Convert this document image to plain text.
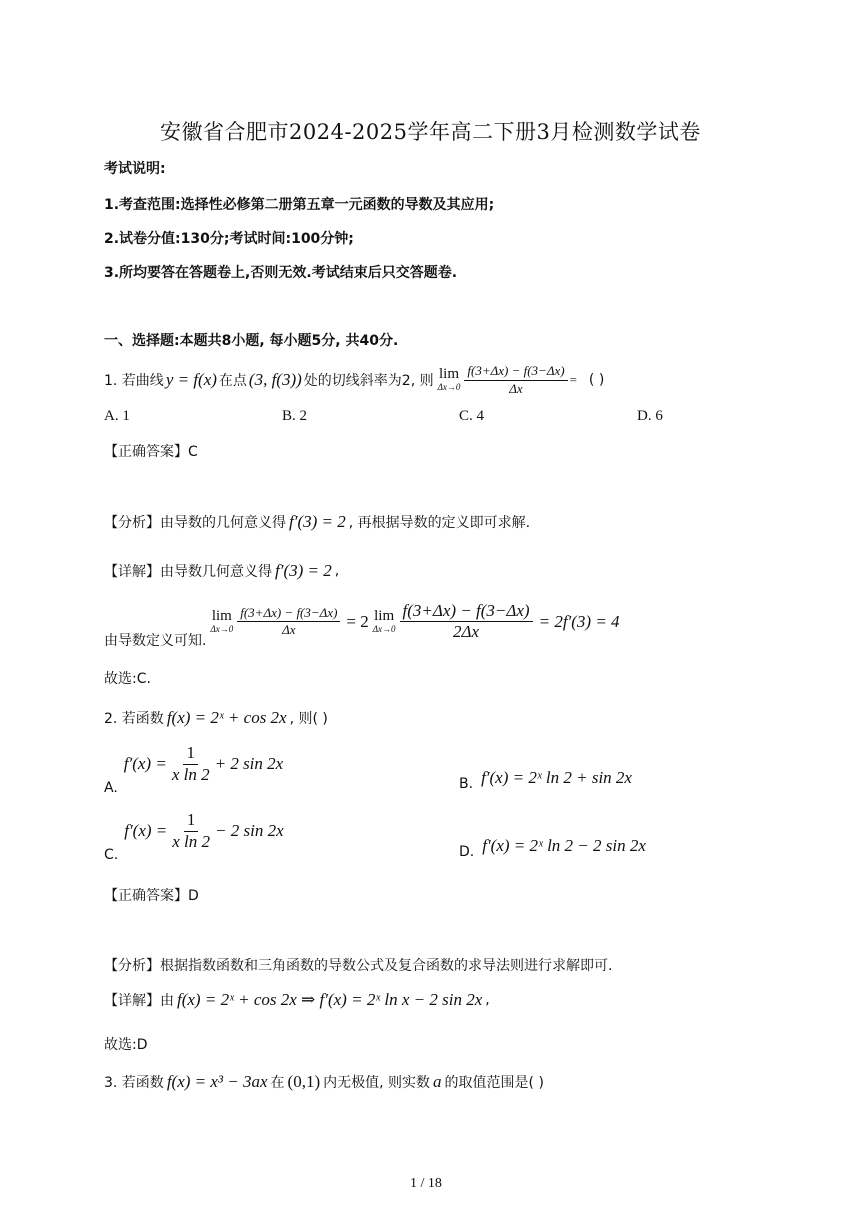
安徽省合肥市2024-2025学年高二下册3月检测数学试卷
考试说明:
1.考查范围:选择性必修第二册第五章一元函数的导数及其应用;
2.试卷分值:130分;考试时间:100分钟;
3.所均要答在答题卷上,否则无效.考试结束后只交答题卷.
一、选择题:本题共8小题, 每小题5分, 共40分.
1. 若曲线 y = f(x) 在点 (3, f(3)) 处的切线斜率为2, 则 lim
$\Delta x\to 0 \frac{f(3+\Delta x) - f(3-\Delta x)}{\Delta x}$ = ( )
A. 1	B. 2	C. 4	D. 6
【正确答案】C
【分析】由导数的几何意义得 f′(3) = 2 , 再根据导数的定义即可求解.
【详解】由导数几何意义得 f′(3) = 2 ,
由导数定义可知.
lim
$\Delta x\to 0 \frac{f(3+\Delta x) - f(3-\Delta x)}{\Delta x} = 2$ lim
$\Delta x\to 0 \frac{f(3+\Delta x) - f(3-\Delta x)}{2\Delta x} = 2f'(3) = 4$
故选:C.
2. 若函数 f(x) = 2ˣ + cos 2x , 则( )
A.
$f'(x) = \frac{1}{\text{x ln 2}} + 2$ sin 2x
B. f′(x) = 2ˣ ln 2 + sin 2x
C.
$f'(x) = \frac{1}{\text{x ln 2}} - 2$ sin 2x
D. f′(x) = 2ˣ ln 2 − 2 sin 2x
【正确答案】D
【分析】根据指数函数和三角函数的导数公式及复合函数的求导法则进行求解即可.
【详解】由 f(x) = 2ˣ + cos 2x ⇒ f′(x) = 2ˣ ln x − 2 sin 2x ,
故选:D
3. 若函数 f(x) = x³ − 3ax 在 (0,1) 内无极值, 则实数 a 的取值范围是( )
1 / 18
